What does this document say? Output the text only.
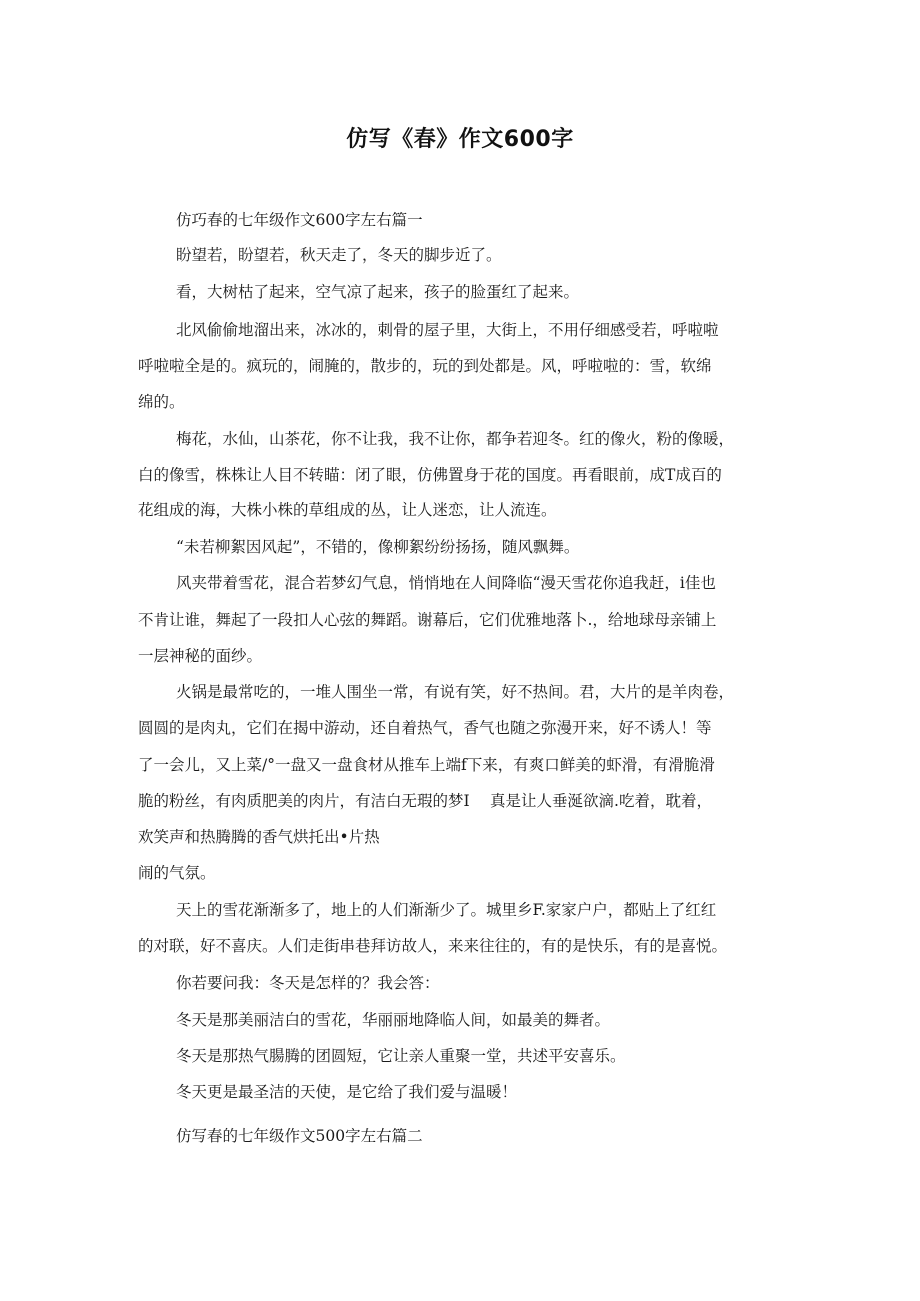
仿写《春》作文600字
仿巧春的七年级作文600字左右篇一
盼望若，盼望若，秋天走了，冬天的脚步近了。
看，大树枯了起来，空气凉了起来，孩子的脸蛋红了起来。
北风偷偷地溜出来，冰冰的，刺骨的屋子里，大街上，不用仔细感受若，呼啦啦
呼啦啦全是的。疯玩的，闹腌的，散步的，玩的到处都是。风，呼啦啦的：雪，软绵
绵的。
梅花，水仙，山茶花，你不让我，我不让你，都争若迎冬。红的像火，粉的像暖，
白的像雪，株株让人目不转瞄：闭了眼，仿佛置身于花的国度。再看眼前，成T成百的
花组成的海，大株小株的草组成的丛，让人迷恋，让人流连。
“未若柳絮因风起”，不错的，像柳絮纷纷扬扬，随风飘舞。
风夹带着雪花，混合若梦幻气息，悄悄地在人间降临“漫天雪花你追我赶，i佳也
不肯让谁，舞起了一段扣人心弦的舞蹈。谢幕后，它们优雅地落卜.，给地球母亲铺上
一层神秘的面纱。
火锅是最常吃的，一堆人围坐一常，有说有笑，好不热间。君，大片的是羊肉卷，
圆圆的是肉丸，它们在揭中游动，还自着热气，香气也随之弥漫开来，好不诱人！等
了一会儿，又上菜/°一盘又一盘食材从推车上端f下来，有爽口鲜美的虾滑，有滑脆滑
脆的粉丝，有肉质肥美的肉片，有洁白无瑕的梦I　 真是让人垂涎欲滴.吃着，耽着，
欢笑声和热腾腾的香气烘托出•片热
闹的气氛。
天上的雪花渐渐多了，地上的人们渐渐少了。城里乡F.家家户户，都贴上了红红
的对联，好不喜庆。人们走街串巷拜访故人，来来往往的，有的是快乐，有的是喜悦。
你若要问我：冬天是怎样的？我会答：
冬天是那美丽洁白的雪花，华丽丽地降临人间，如最美的舞者。
冬天是那热气腸腾的团圆短，它让亲人重聚一堂，共述平安喜乐。
冬天更是最圣洁的天使，是它给了我们爱与温暖！
仿写春的七年级作文500字左右篇二
